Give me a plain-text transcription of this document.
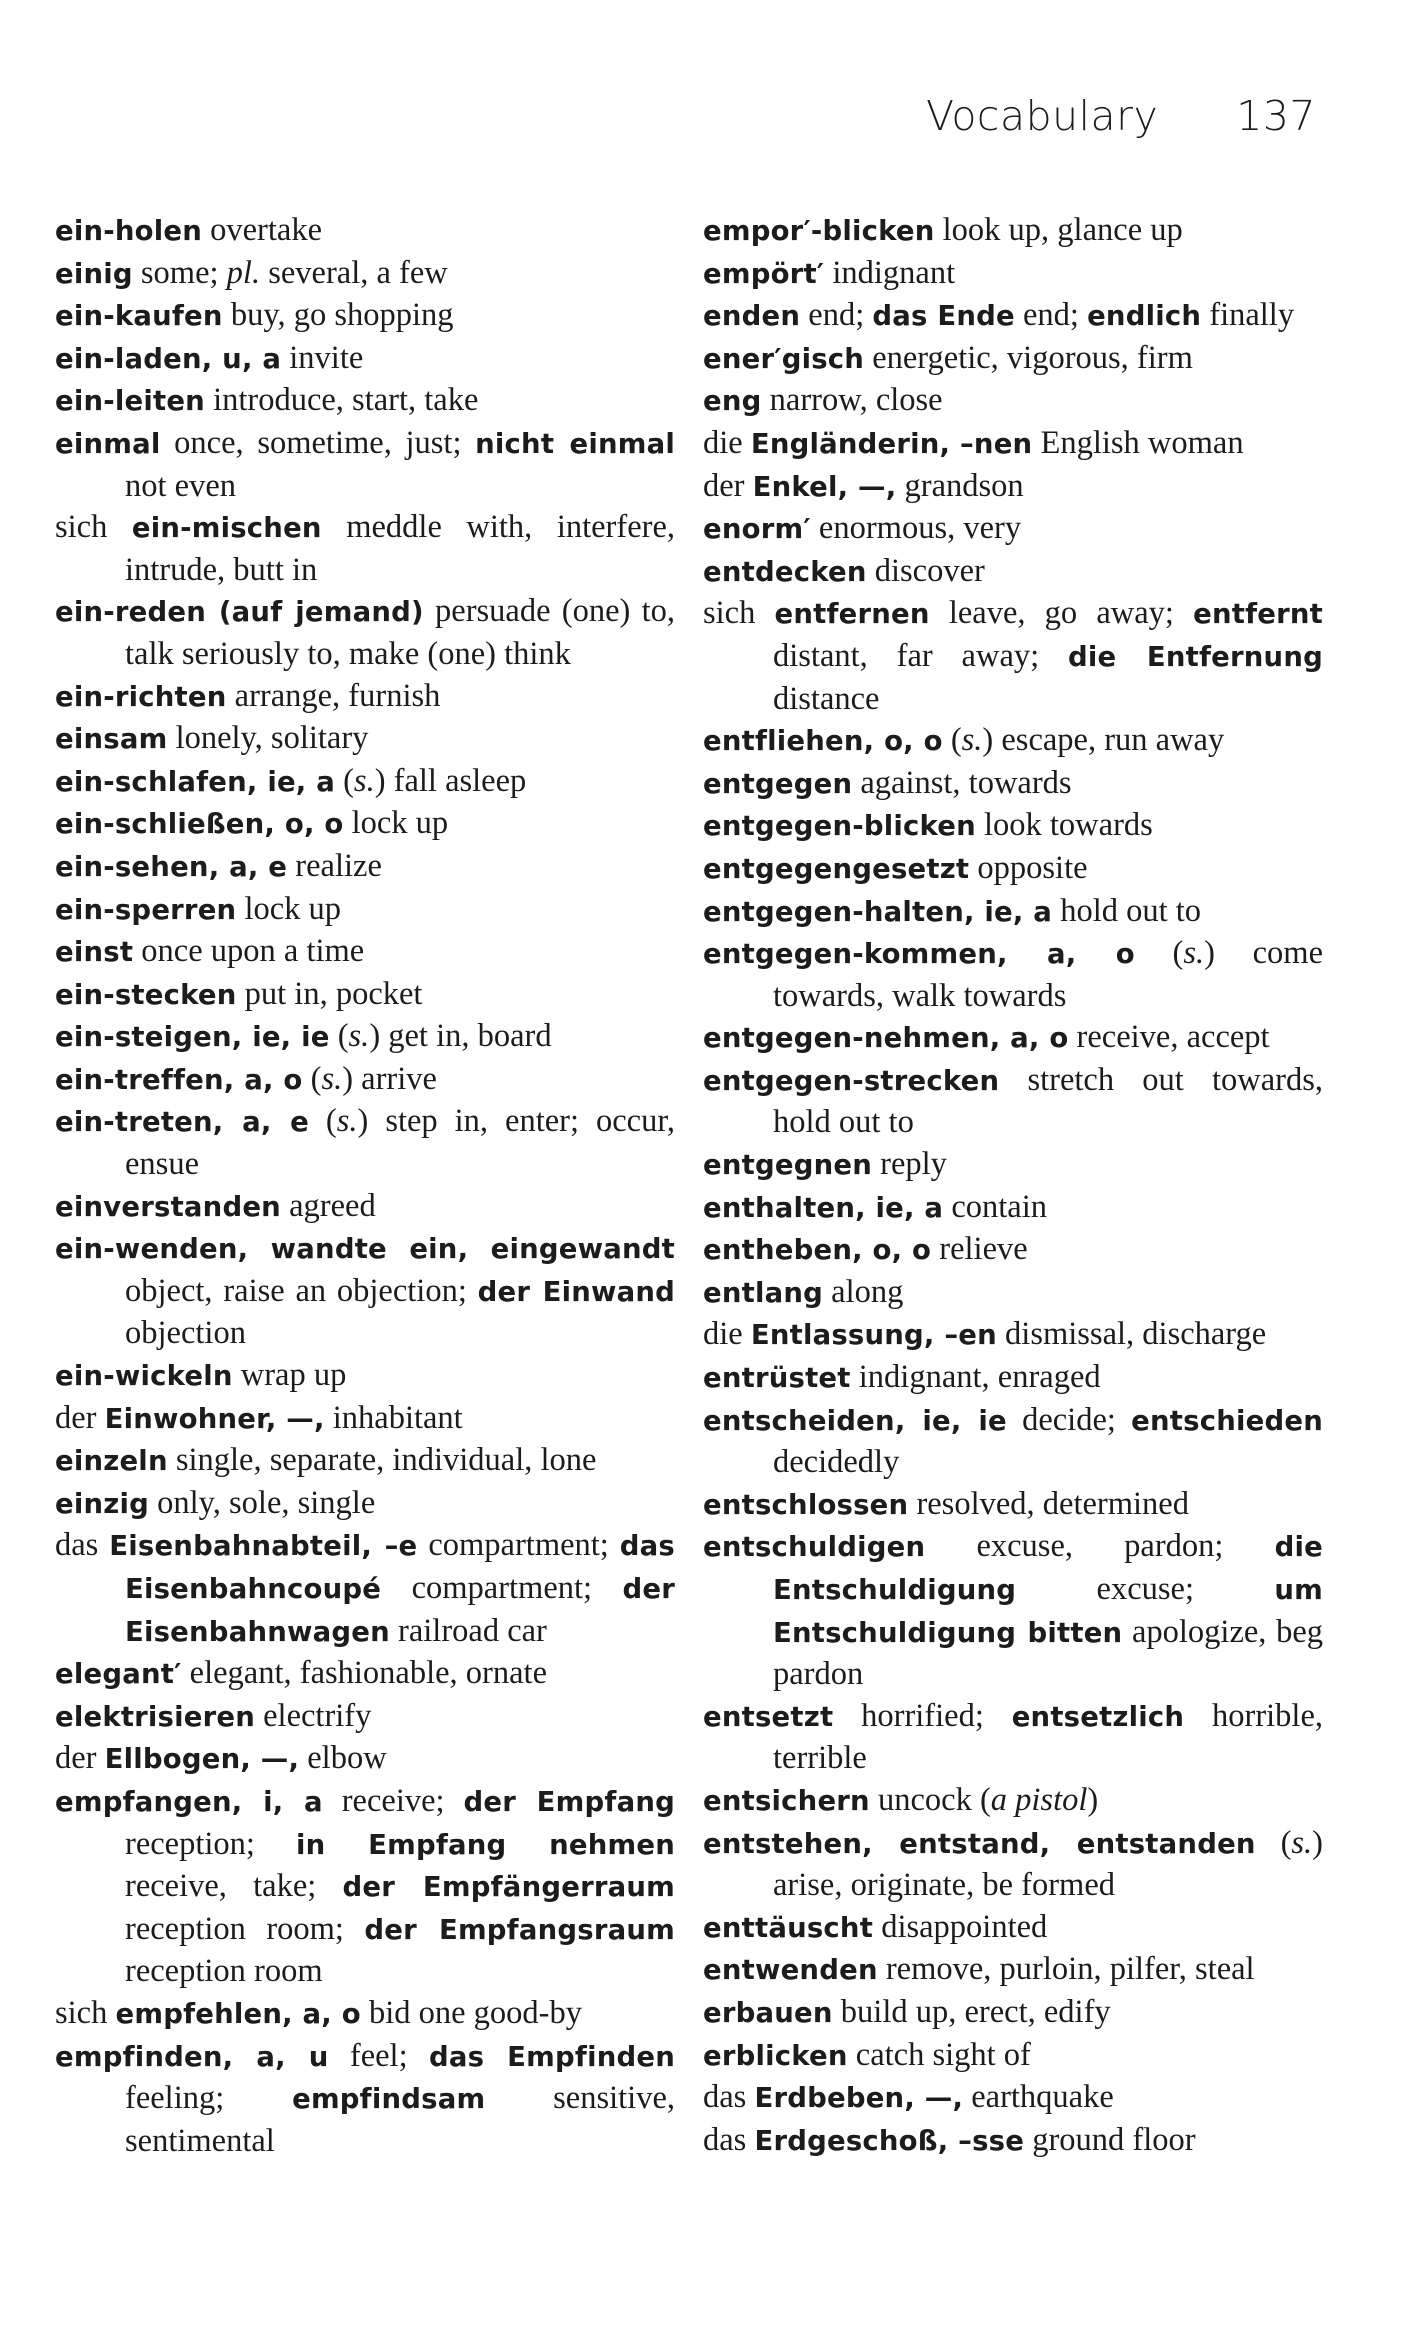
Vocabulary 137
ein-holen overtake
einig some; pl. several, a few
ein-kaufen buy, go shopping
ein-laden, u, a invite
ein-leiten introduce, start, take
einmal once, sometime, just; nicht einmal not even
sich ein-mischen meddle with, interfere, intrude, butt in
ein-reden (auf jemand) persuade (one) to, talk seriously to, make (one) think
ein-richten arrange, furnish
einsam lonely, solitary
ein-schlafen, ie, a (s.) fall asleep
ein-schließen, o, o lock up
ein-sehen, a, e realize
ein-sperren lock up
einst once upon a time
ein-stecken put in, pocket
ein-steigen, ie, ie (s.) get in, board
ein-treffen, a, o (s.) arrive
ein-treten, a, e (s.) step in, enter; occur, ensue
einverstanden agreed
ein-wenden, wandte ein, eingewandt object, raise an objection; der Einwand objection
ein-wickeln wrap up
der Einwohner, —, inhabitant
einzeln single, separate, individual, lone
einzig only, sole, single
das Eisenbahnabteil, –e compartment; das Eisenbahncoupé compartment; der Eisenbahnwagen railroad car
elegant′ elegant, fashionable, ornate
elektrisieren electrify
der Ellbogen, —, elbow
empfangen, i, a receive; der Empfang reception; in Empfang nehmen receive, take; der Empfängerraum reception room; der Empfangsraum reception room
sich empfehlen, a, o bid one good-by
empfinden, a, u feel; das Empfinden feeling; empfindsam sensitive, sentimental
empor′-blicken look up, glance up
empört′ indignant
enden end; das Ende end; endlich finally
ener′gisch energetic, vigorous, firm
eng narrow, close
die Engländerin, –nen English woman
der Enkel, —, grandson
enorm′ enormous, very
entdecken discover
sich entfernen leave, go away; entfernt distant, far away; die Entfernung distance
entfliehen, o, o (s.) escape, run away
entgegen against, towards
entgegen-blicken look towards
entgegengesetzt opposite
entgegen-halten, ie, a hold out to
entgegen-kommen, a, o (s.) come towards, walk towards
entgegen-nehmen, a, o receive, accept
entgegen-strecken stretch out towards, hold out to
entgegnen reply
enthalten, ie, a contain
entheben, o, o relieve
entlang along
die Entlassung, –en dismissal, discharge
entrüstet indignant, enraged
entscheiden, ie, ie decide; entschieden decidedly
entschlossen resolved, determined
entschuldigen excuse, pardon; die Entschuldigung excuse; um Entschuldigung bitten apologize, beg pardon
entsetzt horrified; entsetzlich horrible, terrible
entsichern uncock (a pistol)
entstehen, entstand, entstanden (s.) arise, originate, be formed
enttäuscht disappointed
entwenden remove, purloin, pilfer, steal
erbauen build up, erect, edify
erblicken catch sight of
das Erdbeben, —, earthquake
das Erdgeschoß, –sse ground floor
